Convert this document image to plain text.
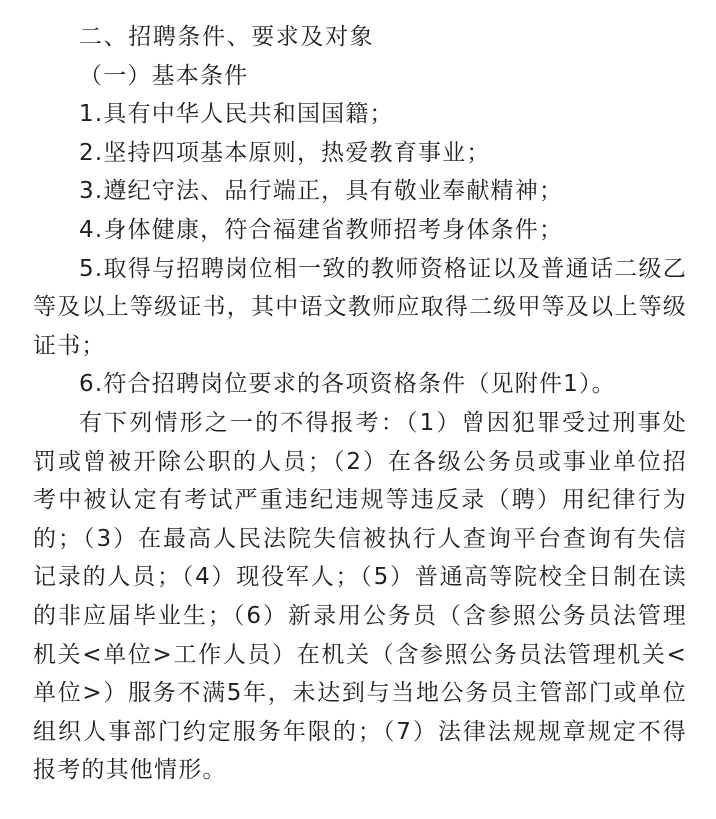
二、招聘条件、要求及对象

（一）基本条件

1.具有中华人民共和国国籍；

2.坚持四项基本原则，热爱教育事业；

3.遵纪守法、品行端正，具有敬业奉献精神；

4.身体健康，符合福建省教师招考身体条件；

5.取得与招聘岗位相一致的教师资格证以及普通话二级乙等及以上等级证书，其中语文教师应取得二级甲等及以上等级证书；

6.符合招聘岗位要求的各项资格条件（见附件1）。

有下列情形之一的不得报考：（1）曾因犯罪受过刑事处罚或曾被开除公职的人员；（2）在各级公务员或事业单位招考中被认定有考试严重违纪违规等违反录（聘）用纪律行为的；（3）在最高人民法院失信被执行人查询平台查询有失信记录的人员；（4）现役军人；（5）普通高等院校全日制在读的非应届毕业生；（6）新录用公务员（含参照公务员法管理机关<单位>工作人员）在机关（含参照公务员法管理机关<单位>）服务不满5年，未达到与当地公务员主管部门或单位组织人事部门约定服务年限的；（7）法律法规规章规定不得报考的其他情形。
